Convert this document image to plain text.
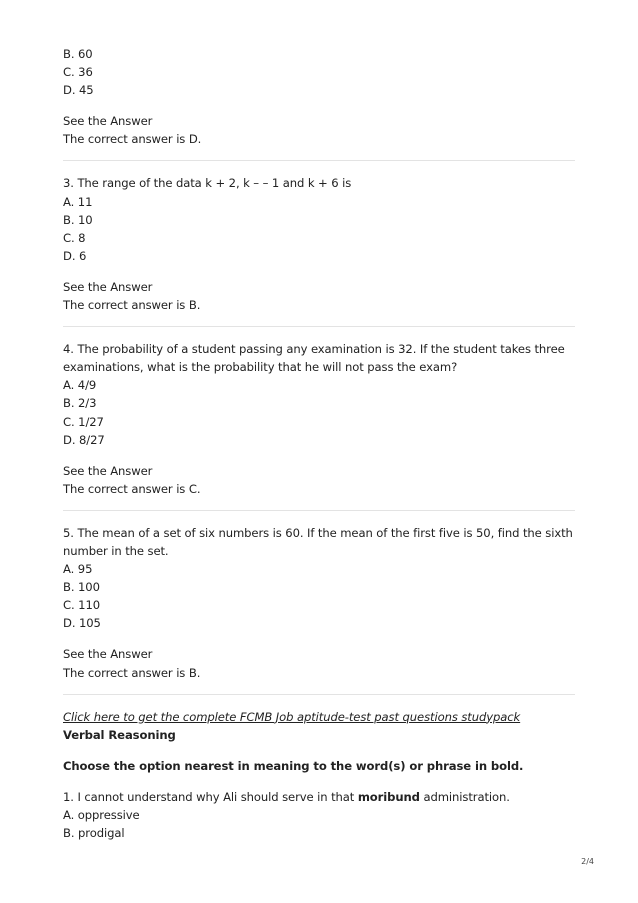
B. 60
C. 36
D. 45
See the Answer
The correct answer is D.
3. The range of the data k + 2, k – – 1 and k + 6 is
A. 11
B. 10
C. 8
D. 6
See the Answer
The correct answer is B.
4. The probability of a student passing any examination is 32. If the student takes three examinations, what is the probability that he will not pass the exam?
A. 4/9
B. 2/3
C. 1/27
D. 8/27
See the Answer
The correct answer is C.
5. The mean of a set of six numbers is 60. If the mean of the first five is 50, find the sixth number in the set.
A. 95
B. 100
C. 110
D. 105
See the Answer
The correct answer is B.
Click here to get the complete FCMB Job aptitude-test past questions studypack
Verbal Reasoning
Choose the option nearest in meaning to the word(s) or phrase in bold.
1. I cannot understand why Ali should serve in that moribund administration.
A. oppressive
B. prodigal
2/4
